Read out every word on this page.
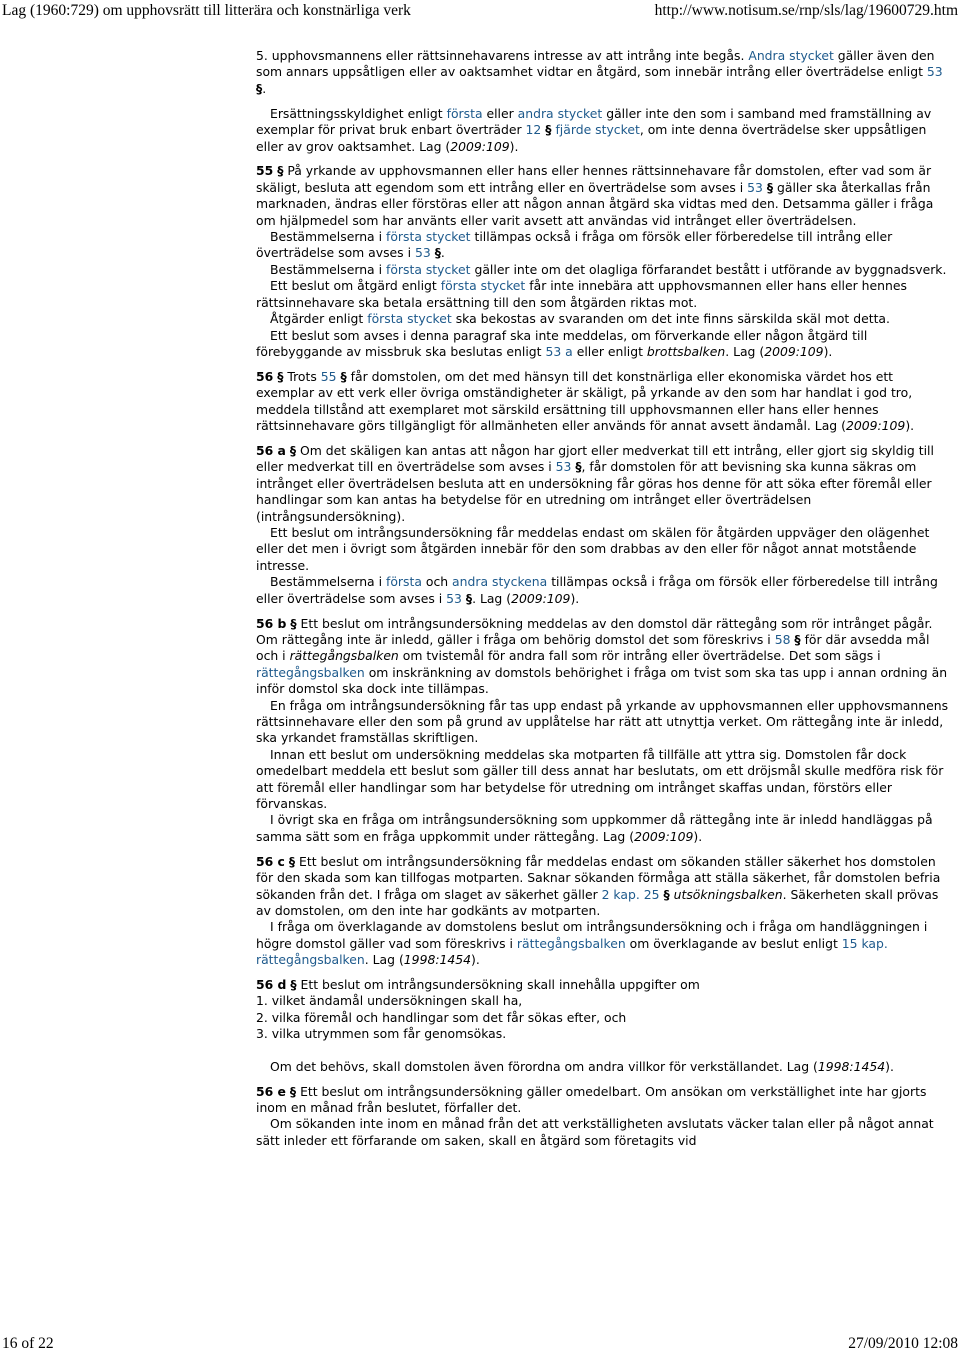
Lag (1960:729) om upphovsrätt till litterära och konstnärliga verk	http://www.notisum.se/rnp/sls/lag/19600729.htm

5. upphovsmannens eller rättsinnehavarens intresse av att intrång inte begås. Andra stycket gäller även den som annars uppsåtligen eller av oaktsamhet vidtar en åtgärd, som innebär intrång eller överträdelse enligt 53 §.

Ersättningsskyldighet enligt första eller andra stycket gäller inte den som i samband med framställning av exemplar för privat bruk enbart överträder 12 § fjärde stycket, om inte denna överträdelse sker uppsåtligen eller av grov oaktsamhet. Lag (2009:109).

55 § På yrkande av upphovsmannen eller hans eller hennes rättsinnehavare får domstolen, efter vad som är skäligt, besluta att egendom som ett intrång eller en överträdelse som avses i 53 § gäller ska återkallas från marknaden, ändras eller förstöras eller att någon annan åtgärd ska vidtas med den. Detsamma gäller i fråga om hjälpmedel som har använts eller varit avsett att användas vid intrånget eller överträdelsen.

Bestämmelserna i första stycket tillämpas också i fråga om försök eller förberedelse till intrång eller överträdelse som avses i 53 §.

Bestämmelserna i första stycket gäller inte om det olagliga förfarandet bestått i utförande av byggnadsverk.

Ett beslut om åtgärd enligt första stycket får inte innebära att upphovsmannen eller hans eller hennes rättsinnehavare ska betala ersättning till den som åtgärden riktas mot.

Åtgärder enligt första stycket ska bekostas av svaranden om det inte finns särskilda skäl mot detta.

Ett beslut som avses i denna paragraf ska inte meddelas, om förverkande eller någon åtgärd till förebyggande av missbruk ska beslutas enligt 53 a eller enligt brottsbalken. Lag (2009:109).

56 § Trots 55 § får domstolen, om det med hänsyn till det konstnärliga eller ekonomiska värdet hos ett exemplar av ett verk eller övriga omständigheter är skäligt, på yrkande av den som har handlat i god tro, meddela tillstånd att exemplaret mot särskild ersättning till upphovsmannen eller hans eller hennes rättsinnehavare görs tillgängligt för allmänheten eller används för annat avsett ändamål. Lag (2009:109).

56 a § Om det skäligen kan antas att någon har gjort eller medverkat till ett intrång, eller gjort sig skyldig till eller medverkat till en överträdelse som avses i 53 §, får domstolen för att bevisning ska kunna säkras om intrånget eller överträdelsen besluta att en undersökning får göras hos denne för att söka efter föremål eller handlingar som kan antas ha betydelse för en utredning om intrånget eller överträdelsen (intrångsundersökning).

Ett beslut om intrångsundersökning får meddelas endast om skälen för åtgärden uppväger den olägenhet eller det men i övrigt som åtgärden innebär för den som drabbas av den eller för något annat motstående intresse.

Bestämmelserna i första och andra styckena tillämpas också i fråga om försök eller förberedelse till intrång eller överträdelse som avses i 53 §. Lag (2009:109).

56 b § Ett beslut om intrångsundersökning meddelas av den domstol där rättegång som rör intrånget pågår. Om rättegång inte är inledd, gäller i fråga om behörig domstol det som föreskrivs i 58 § för där avsedda mål och i rättegångsbalken om tvistemål för andra fall som rör intrång eller överträdelse. Det som sägs i rättegångsbalken om inskränkning av domstols behörighet i fråga om tvist som ska tas upp i annan ordning än inför domstol ska dock inte tillämpas.

En fråga om intrångsundersökning får tas upp endast på yrkande av upphovsmannen eller upphovsmannens rättsinnehavare eller den som på grund av upplåtelse har rätt att utnyttja verket. Om rättegång inte är inledd, ska yrkandet framställas skriftligen.

Innan ett beslut om undersökning meddelas ska motparten få tillfälle att yttra sig. Domstolen får dock omedelbart meddela ett beslut som gäller till dess annat har beslutats, om ett dröjsmål skulle medföra risk för att föremål eller handlingar som har betydelse för utredning om intrånget skaffas undan, förstörs eller förvanskas.

I övrigt ska en fråga om intrångsundersökning som uppkommer då rättegång inte är inledd handläggas på samma sätt som en fråga uppkommit under rättegång. Lag (2009:109).

56 c § Ett beslut om intrångsundersökning får meddelas endast om sökanden ställer säkerhet hos domstolen för den skada som kan tillfogas motparten. Saknar sökanden förmåga att ställa säkerhet, får domstolen befria sökanden från det. I fråga om slaget av säkerhet gäller 2 kap. 25 § utsökningsbalken. Säkerheten skall prövas av domstolen, om den inte har godkänts av motparten.

I fråga om överklagande av domstolens beslut om intrångsundersökning och i fråga om handläggningen i högre domstol gäller vad som föreskrivs i rättegångsbalken om överklagande av beslut enligt 15 kap. rättegångsbalken. Lag (1998:1454).

56 d § Ett beslut om intrångsundersökning skall innehålla uppgifter om

1. vilket ändamål undersökningen skall ha,

2. vilka föremål och handlingar som det får sökas efter, och

3. vilka utrymmen som får genomsökas.

Om det behövs, skall domstolen även förordna om andra villkor för verkställandet. Lag (1998:1454).

56 e § Ett beslut om intrångsundersökning gäller omedelbart. Om ansökan om verkställighet inte har gjorts inom en månad från beslutet, förfaller det.

Om sökanden inte inom en månad från det att verkställigheten avslutats väcker talan eller på något annat sätt inleder ett förfarande om saken, skall en åtgärd som företagits vid

16 of 22	27/09/2010 12:08
